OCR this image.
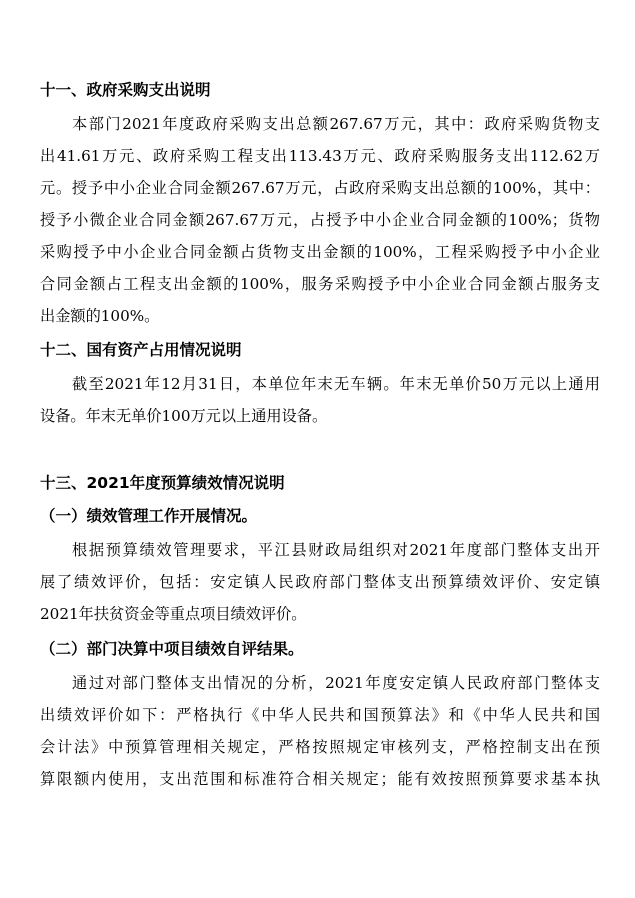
十一、政府采购支出说明
本部门2021年度政府采购支出总额267.67万元，其中：政府采购货物支
出41.61万元、政府采购工程支出113.43万元、政府采购服务支出112.62万
元。授予中小企业合同金额267.67万元，占政府采购支出总额的100%，其中：
授予小微企业合同金额267.67万元，占授予中小企业合同金额的100%；货物
采购授予中小企业合同金额占货物支出金额的100%，工程采购授予中小企业
合同金额占工程支出金额的100%，服务采购授予中小企业合同金额占服务支
出金额的100%。
十二、国有资产占用情况说明
截至2021年12月31日，本单位年末无车辆。年末无单价50万元以上通用
设备。年末无单价100万元以上通用设备。
十三、2021年度预算绩效情况说明
（一）绩效管理工作开展情况。
根据预算绩效管理要求，平江县财政局组织对2021年度部门整体支出开
展了绩效评价，包括：安定镇人民政府部门整体支出预算绩效评价、安定镇
2021年扶贫资金等重点项目绩效评价。
（二）部门决算中项目绩效自评结果。
通过对部门整体支出情况的分析，2021年度安定镇人民政府部门整体支
出绩效评价如下：严格执行《中华人民共和国预算法》和《中华人民共和国
会计法》中预算管理相关规定，严格按照规定审核列支，严格控制支出在预
算限额内使用，支出范围和标准符合相关规定；能有效按照预算要求基本执
